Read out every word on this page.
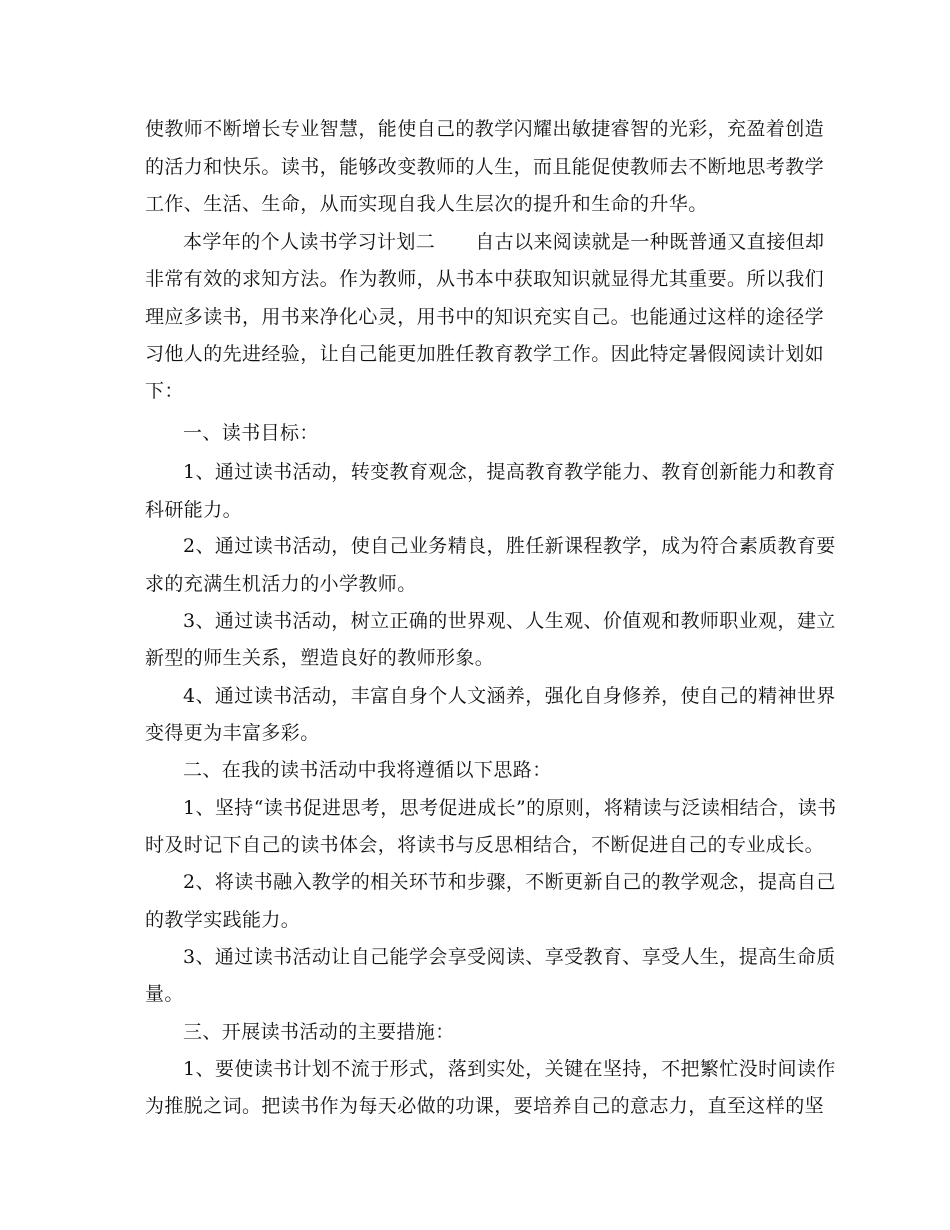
使教师不断增长专业智慧，能使自己的教学闪耀出敏捷睿智的光彩，充盈着创造
的活力和快乐。读书，能够改变教师的人生，而且能促使教师去不断地思考教学
工作、生活、生命，从而实现自我人生层次的提升和生命的升华。
本学年的个人读书学习计划二 自古以来阅读就是一种既普通又直接但却
非常有效的求知方法。作为教师，从书本中获取知识就显得尤其重要。所以我们
理应多读书，用书来净化心灵，用书中的知识充实自己。也能通过这样的途径学
习他人的先进经验，让自己能更加胜任教育教学工作。因此特定暑假阅读计划如
下：
一、读书目标：
1、通过读书活动，转变教育观念，提高教育教学能力、教育创新能力和教育
科研能力。
2、通过读书活动，使自己业务精良，胜任新课程教学，成为符合素质教育要
求的充满生机活力的小学教师。
3、通过读书活动，树立正确的世界观、人生观、价值观和教师职业观，建立
新型的师生关系，塑造良好的教师形象。
4、通过读书活动，丰富自身个人文涵养，强化自身修养，使自己的精神世界
变得更为丰富多彩。
二、在我的读书活动中我将遵循以下思路：
1、坚持“读书促进思考，思考促进成长”的原则，将精读与泛读相结合，读书
时及时记下自己的读书体会，将读书与反思相结合，不断促进自己的专业成长。
2、将读书融入教学的相关环节和步骤，不断更新自己的教学观念，提高自己
的教学实践能力。
3、通过读书活动让自己能学会享受阅读、享受教育、享受人生，提高生命质
量。
三、开展读书活动的主要措施：
1、要使读书计划不流于形式，落到实处，关键在坚持，不把繁忙没时间读作
为推脱之词。把读书作为每天必做的功课，要培养自己的意志力，直至这样的坚
